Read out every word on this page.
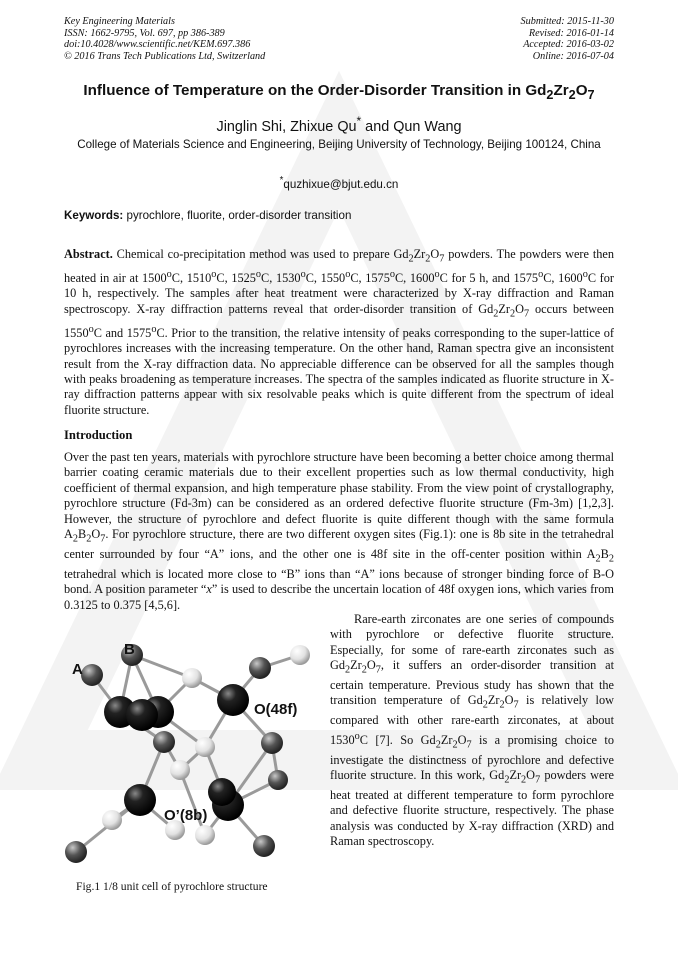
Key Engineering Materials
ISSN: 1662-9795, Vol. 697, pp 386-389
doi:10.4028/www.scientific.net/KEM.697.386
© 2016 Trans Tech Publications Ltd, Switzerland
Submitted: 2015-11-30
Revised: 2016-01-14
Accepted: 2016-03-02
Online: 2016-07-04
Influence of Temperature on the Order-Disorder Transition in $Gd_2Zr_2O_7$
Jinglin Shi, Zhixue Qu* and Qun Wang
College of Materials Science and Engineering, Beijing University of Technology, Beijing 100124, China
*quzhixue@bjut.edu.cn
Keywords: pyrochlore, fluorite, order-disorder transition
Abstract. Chemical co-precipitation method was used to prepare $Gd_2Zr_2O_7$ powders. The powders were then heated in air at 1500$^o$C, 1510$^o$C, 1525$^o$C, 1530$^o$C, 1550$^o$C, 1575$^o$C, 1600$^o$C for 5 h, and 1575$^o$C, 1600$^o$C for 10 h, respectively. The samples after heat treatment were characterized by X-ray diffraction and Raman spectroscopy. X-ray diffraction patterns reveal that order-disorder transition of $Gd_2Zr_2O_7$ occurs between 1550$^o$C and 1575$^o$C. Prior to the transition, the relative intensity of peaks corresponding to the super-lattice of pyrochlores increases with the increasing temperature. On the other hand, Raman spectra give an inconsistent result from the X-ray diffraction data. No appreciable difference can be observed for all the samples though with peaks broadening as temperature increases. The spectra of the samples indicated as fluorite structure in X-ray diffraction patterns appear with six resolvable peaks which is quite different from the spectrum of ideal fluorite structure.
Introduction
Over the past ten years, materials with pyrochlore structure have been becoming a better choice among thermal barrier coating ceramic materials due to their excellent properties such as low thermal conductivity, high coefficient of thermal expansion, and high temperature phase stability. From the view point of crystallography, pyrochlore structure (Fd-3m) can be considered as an ordered defective fluorite structure (Fm-3m) [1,2,3]. However, the structure of pyrochlore and defect fluorite is quite different though with the same formula $A_2B_2O_7$. For pyrochlore structure, there are two different oxygen sites (Fig.1): one is 8b site in the tetrahedral center surrounded by four “A” ions, and the other one is 48f site in the off-center position within $A_2B_2$ tetrahedral which is located more close to “B” ions than “A” ions because of stronger binding force of B-O bond. A position parameter “x” is used to describe the uncertain location of 48f oxygen ions, which varies from 0.3125 to 0.375 [4,5,6].
Rare-earth zirconates are one series of compounds with pyrochlore or defective fluorite structure. Especially, for some of rare-earth zirconates such as $Gd_2Zr_2O_7$, it suffers an order-disorder transition at certain temperature. Previous study has shown that the transition temperature of $Gd_2Zr_2O_7$ is relatively low compared with other rare-earth zirconates, at about 1530$^o$C [7]. So $Gd_2Zr_2O_7$ is a promising choice to investigate the distinctness of pyrochlore and defective fluorite structure. In this work, $Gd_2Zr_2O_7$ powders were heat treated at different temperature to form pyrochlore and defective fluorite structure, respectively. The phase analysis was conducted by X-ray diffraction (XRD) and Raman spectroscopy.
A
B
O(48f)
O’(8b)
Fig.1 1/8 unit cell of pyrochlore structure
